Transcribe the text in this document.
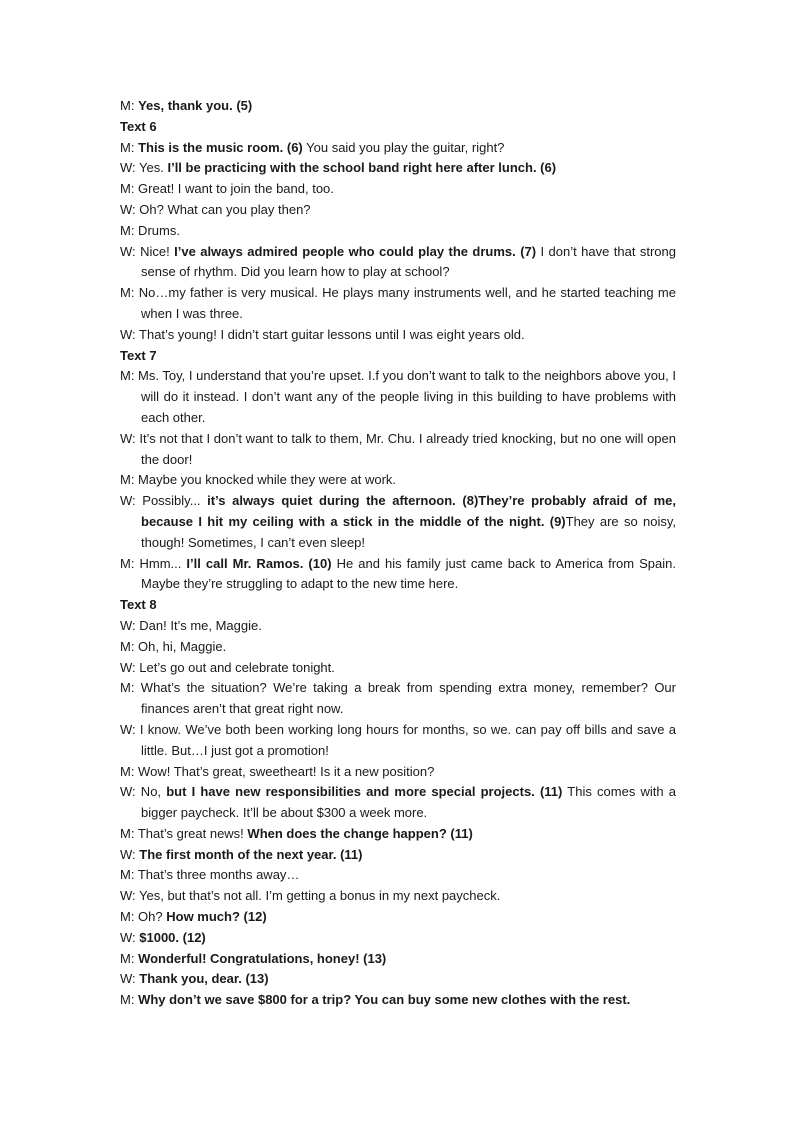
M: Yes, thank you. (5)

Text 6

M: This is the music room. (6) You said you play the guitar, right?

W: Yes. I’ll be practicing with the school band right here after lunch. (6)

M: Great! I want to join the band, too.

W: Oh? What can you play then?

M: Drums.

W: Nice! I’ve always admired people who could play the drums. (7) I don’t have that strong sense of rhythm. Did you learn how to play at school?

M: No…my father is very musical. He plays many instruments well, and he started teaching me when I was three.

W: That’s young! I didn’t start guitar lessons until I was eight years old.

Text 7

M: Ms. Toy, I understand that you’re upset. I.f you don’t want to talk to the neighbors above you, I will do it instead. I don’t want any of the people living in this building to have problems with each other.

W: It’s not that I don’t want to talk to them, Mr. Chu. I already tried knocking, but no one will open the door!

M: Maybe you knocked while they were at work.

W: Possibly... it’s always quiet during the afternoon. (8)They’re probably afraid of me, because I hit my ceiling with a stick in the middle of the night. (9)They are so noisy, though! Sometimes, I can’t even sleep!

M: Hmm... I’ll call Mr. Ramos. (10) He and his family just came back to America from Spain. Maybe they’re struggling to adapt to the new time here.

Text 8

W: Dan! It’s me, Maggie.

M: Oh, hi, Maggie.

W: Let’s go out and celebrate tonight.

M: What’s the situation? We’re taking a break from spending extra money, remember? Our finances aren’t that great right now.

W: I know. We’ve both been working long hours for months, so we. can pay off bills and save a little. But…I just got a promotion!

M: Wow! That’s great, sweetheart! Is it a new position?

W: No, but I have new responsibilities and more special projects. (11) This comes with a bigger paycheck. It’ll be about $300 a week more.

M: That’s great news! When does the change happen? (11)

W: The first month of the next year. (11)

M: That’s three months away…

W: Yes, but that’s not all. I’m getting a bonus in my next paycheck.

M: Oh? How much? (12)

W: $1000. (12)

M: Wonderful! Congratulations, honey! (13)

W: Thank you, dear. (13)

M: Why don’t we save $800 for a trip? You can buy some new clothes with the rest.
